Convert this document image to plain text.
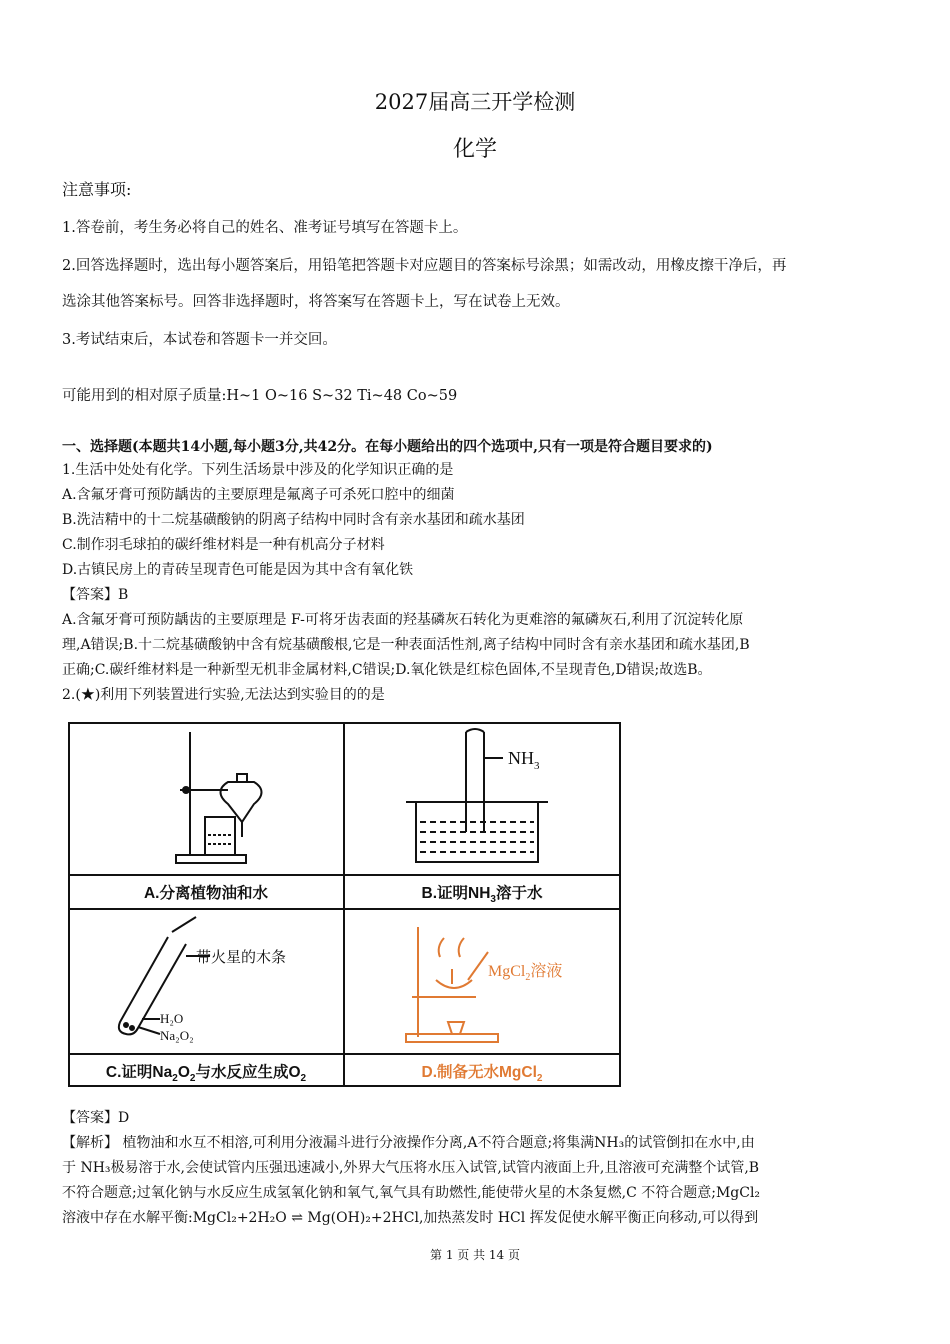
2027届高三开学检测
化学
注意事项:
1.答卷前，考生务必将自己的姓名、准考证号填写在答题卡上。
2.回答选择题时，选出每小题答案后，用铅笔把答题卡对应题目的答案标号涂黑；如需改动，用橡皮擦干净后，再
选涂其他答案标号。回答非选择题时，将答案写在答题卡上，写在试卷上无效。
3.考试结束后，本试卷和答题卡一并交回。
可能用到的相对原子质量:H~1 O~16 S~32 Ti~48 Co~59
一、选择题(本题共14小题,每小题3分,共42分。在每小题给出的四个选项中,只有一项是符合题目要求的)
1.生活中处处有化学。下列生活场景中涉及的化学知识正确的是
A.含氟牙膏可预防龋齿的主要原理是氟离子可杀死口腔中的细菌
B.洗洁精中的十二烷基磺酸钠的阴离子结构中同时含有亲水基团和疏水基团
C.制作羽毛球拍的碳纤维材料是一种有机高分子材料
D.古镇民房上的青砖呈现青色可能是因为其中含有氧化铁
【答案】B
A.含氟牙膏可预防龋齿的主要原理是 F-可将牙齿表面的羟基磷灰石转化为更难溶的氟磷灰石,利用了沉淀转化原
理,A错误;B.十二烷基磺酸钠中含有烷基磺酸根,它是一种表面活性剂,离子结构中同时含有亲水基团和疏水基团,B
正确;C.碳纤维材料是一种新型无机非金属材料,C错误;D.氧化铁是红棕色固体,不呈现青色,D错误;故选B。
2.(★)利用下列装置进行实验,无法达到实验目的的是
$NH_3$
带火星的木条
H₂O
Na₂O₂
MgCl$_2$溶液
A.分离植物油和水	B.证明$NH_3$溶于水
C.证明$Na_2O_2$与水反应生成$O_2$	D.制备无水MgCl$_2$
【答案】D
【解析】 植物油和水互不相溶,可利用分液漏斗进行分液操作分离,A不符合题意;将集满NH₃的试管倒扣在水中,由
于 NH₃极易溶于水,会使试管内压强迅速减小,外界大气压将水压入试管,试管内液面上升,且溶液可充满整个试管,B
不符合题意;过氧化钠与水反应生成氢氧化钠和氧气,氧气具有助燃性,能使带火星的木条复燃,C 不符合题意;MgCl₂
溶液中存在水解平衡:MgCl₂+2H₂O ⇌ Mg(OH)₂+2HCl,加热蒸发时 HCl 挥发促使水解平衡正向移动,可以得到
第 1 页 共 14 页
